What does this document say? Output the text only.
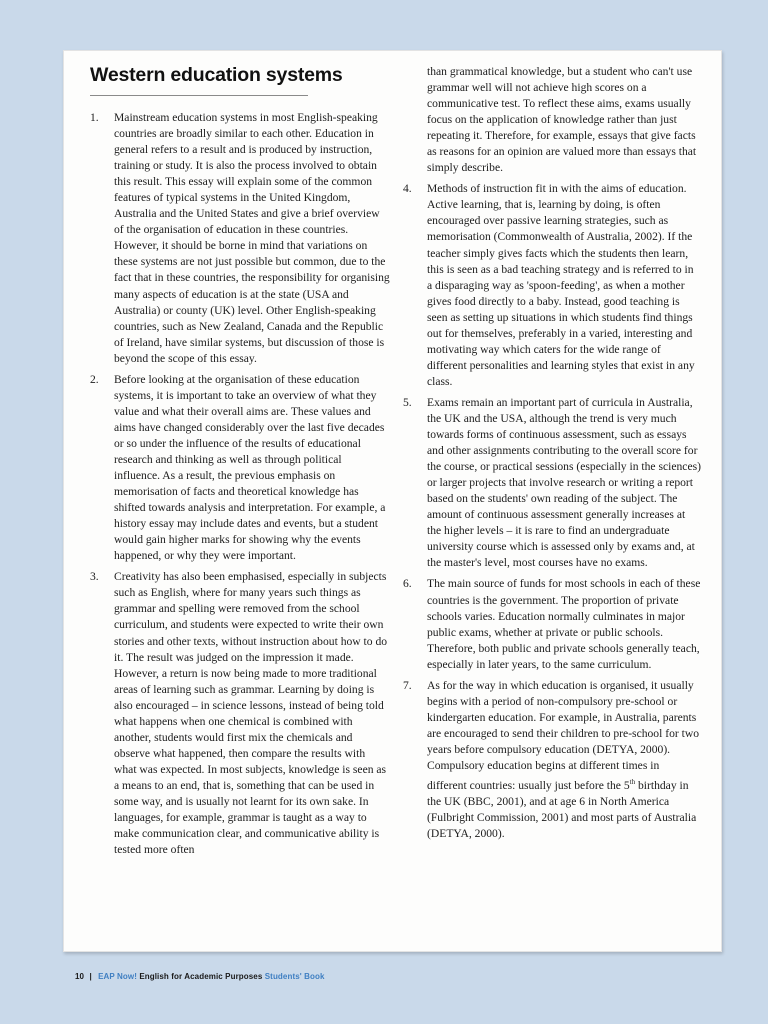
Western education systems
1.	Mainstream education systems in most English-speaking countries are broadly similar to each other. Education in general refers to a result and is produced by instruction, training or study. It is also the process involved to obtain this result. This essay will explain some of the common features of typical systems in the United Kingdom, Australia and the United States and give a brief overview of the organisation of education in these countries. However, it should be borne in mind that variations on these systems are not just possible but common, due to the fact that in these countries, the responsibility for organising many aspects of education is at the state (USA and Australia) or county (UK) level. Other English-speaking countries, such as New Zealand, Canada and the Republic of Ireland, have similar systems, but discussion of those is beyond the scope of this essay.

2.	Before looking at the organisation of these education systems, it is important to take an overview of what they value and what their overall aims are. These values and aims have changed considerably over the last five decades or so under the influence of the results of educational research and thinking as well as through political influence. As a result, the previous emphasis on memorisation of facts and theoretical knowledge has shifted towards analysis and interpretation. For example, a history essay may include dates and events, but a student would gain higher marks for showing why the events happened, or why they were important.

3.	Creativity has also been emphasised, especially in subjects such as English, where for many years such things as grammar and spelling were removed from the school curriculum, and students were expected to write their own stories and other texts, without instruction about how to do it. The result was judged on the impression it made. However, a return is now being made to more traditional areas of learning such as grammar. Learning by doing is also encouraged – in science lessons, instead of being told what happens when one chemical is combined with another, students would first mix the chemicals and observe what happened, then compare the results with what was expected. In most subjects, knowledge is seen as a means to an end, that is, something that can be used in some way, and is usually not learnt for its own sake. In languages, for example, grammar is taught as a way to make communication clear, and communicative ability is tested more often

than grammatical knowledge, but a student who can't use grammar well will not achieve high scores on a communicative test. To reflect these aims, exams usually focus on the application of knowledge rather than just repeating it. Therefore, for example, essays that give facts as reasons for an opinion are valued more than essays that simply describe.

4.	Methods of instruction fit in with the aims of education. Active learning, that is, learning by doing, is often encouraged over passive learning strategies, such as memorisation (Commonwealth of Australia, 2002). If the teacher simply gives facts which the students then learn, this is seen as a bad teaching strategy and is referred to in a disparaging way as 'spoon-feeding', as when a mother gives food directly to a baby. Instead, good teaching is seen as setting up situations in which students find things out for themselves, preferably in a varied, interesting and motivating way which caters for the wide range of different personalities and learning styles that exist in any class.

5.	Exams remain an important part of curricula in Australia, the UK and the USA, although the trend is very much towards forms of continuous assessment, such as essays and other assignments contributing to the overall score for the course, or practical sessions (especially in the sciences) or larger projects that involve research or writing a report based on the students' own reading of the subject. The amount of continuous assessment generally increases at the higher levels – it is rare to find an undergraduate university course which is assessed only by exams and, at the master's level, most courses have no exams.

6.	The main source of funds for most schools in each of these countries is the government. The proportion of private schools varies. Education normally culminates in major public exams, whether at private or public schools. Therefore, both public and private schools generally teach, especially in later years, to the same curriculum.

7.	As for the way in which education is organised, it usually begins with a period of non-compulsory pre-school or kindergarten education. For example, in Australia, parents are encouraged to send their children to pre-school for two years before compulsory education (DETYA, 2000). Compulsory education begins at different times in different countries: usually just before the 5th birthday in the UK (BBC, 2001), and at age 6 in North America (Fulbright Commission, 2001) and most parts of Australia (DETYA, 2000).

10 | EAP Now! English for Academic Purposes Students' Book
